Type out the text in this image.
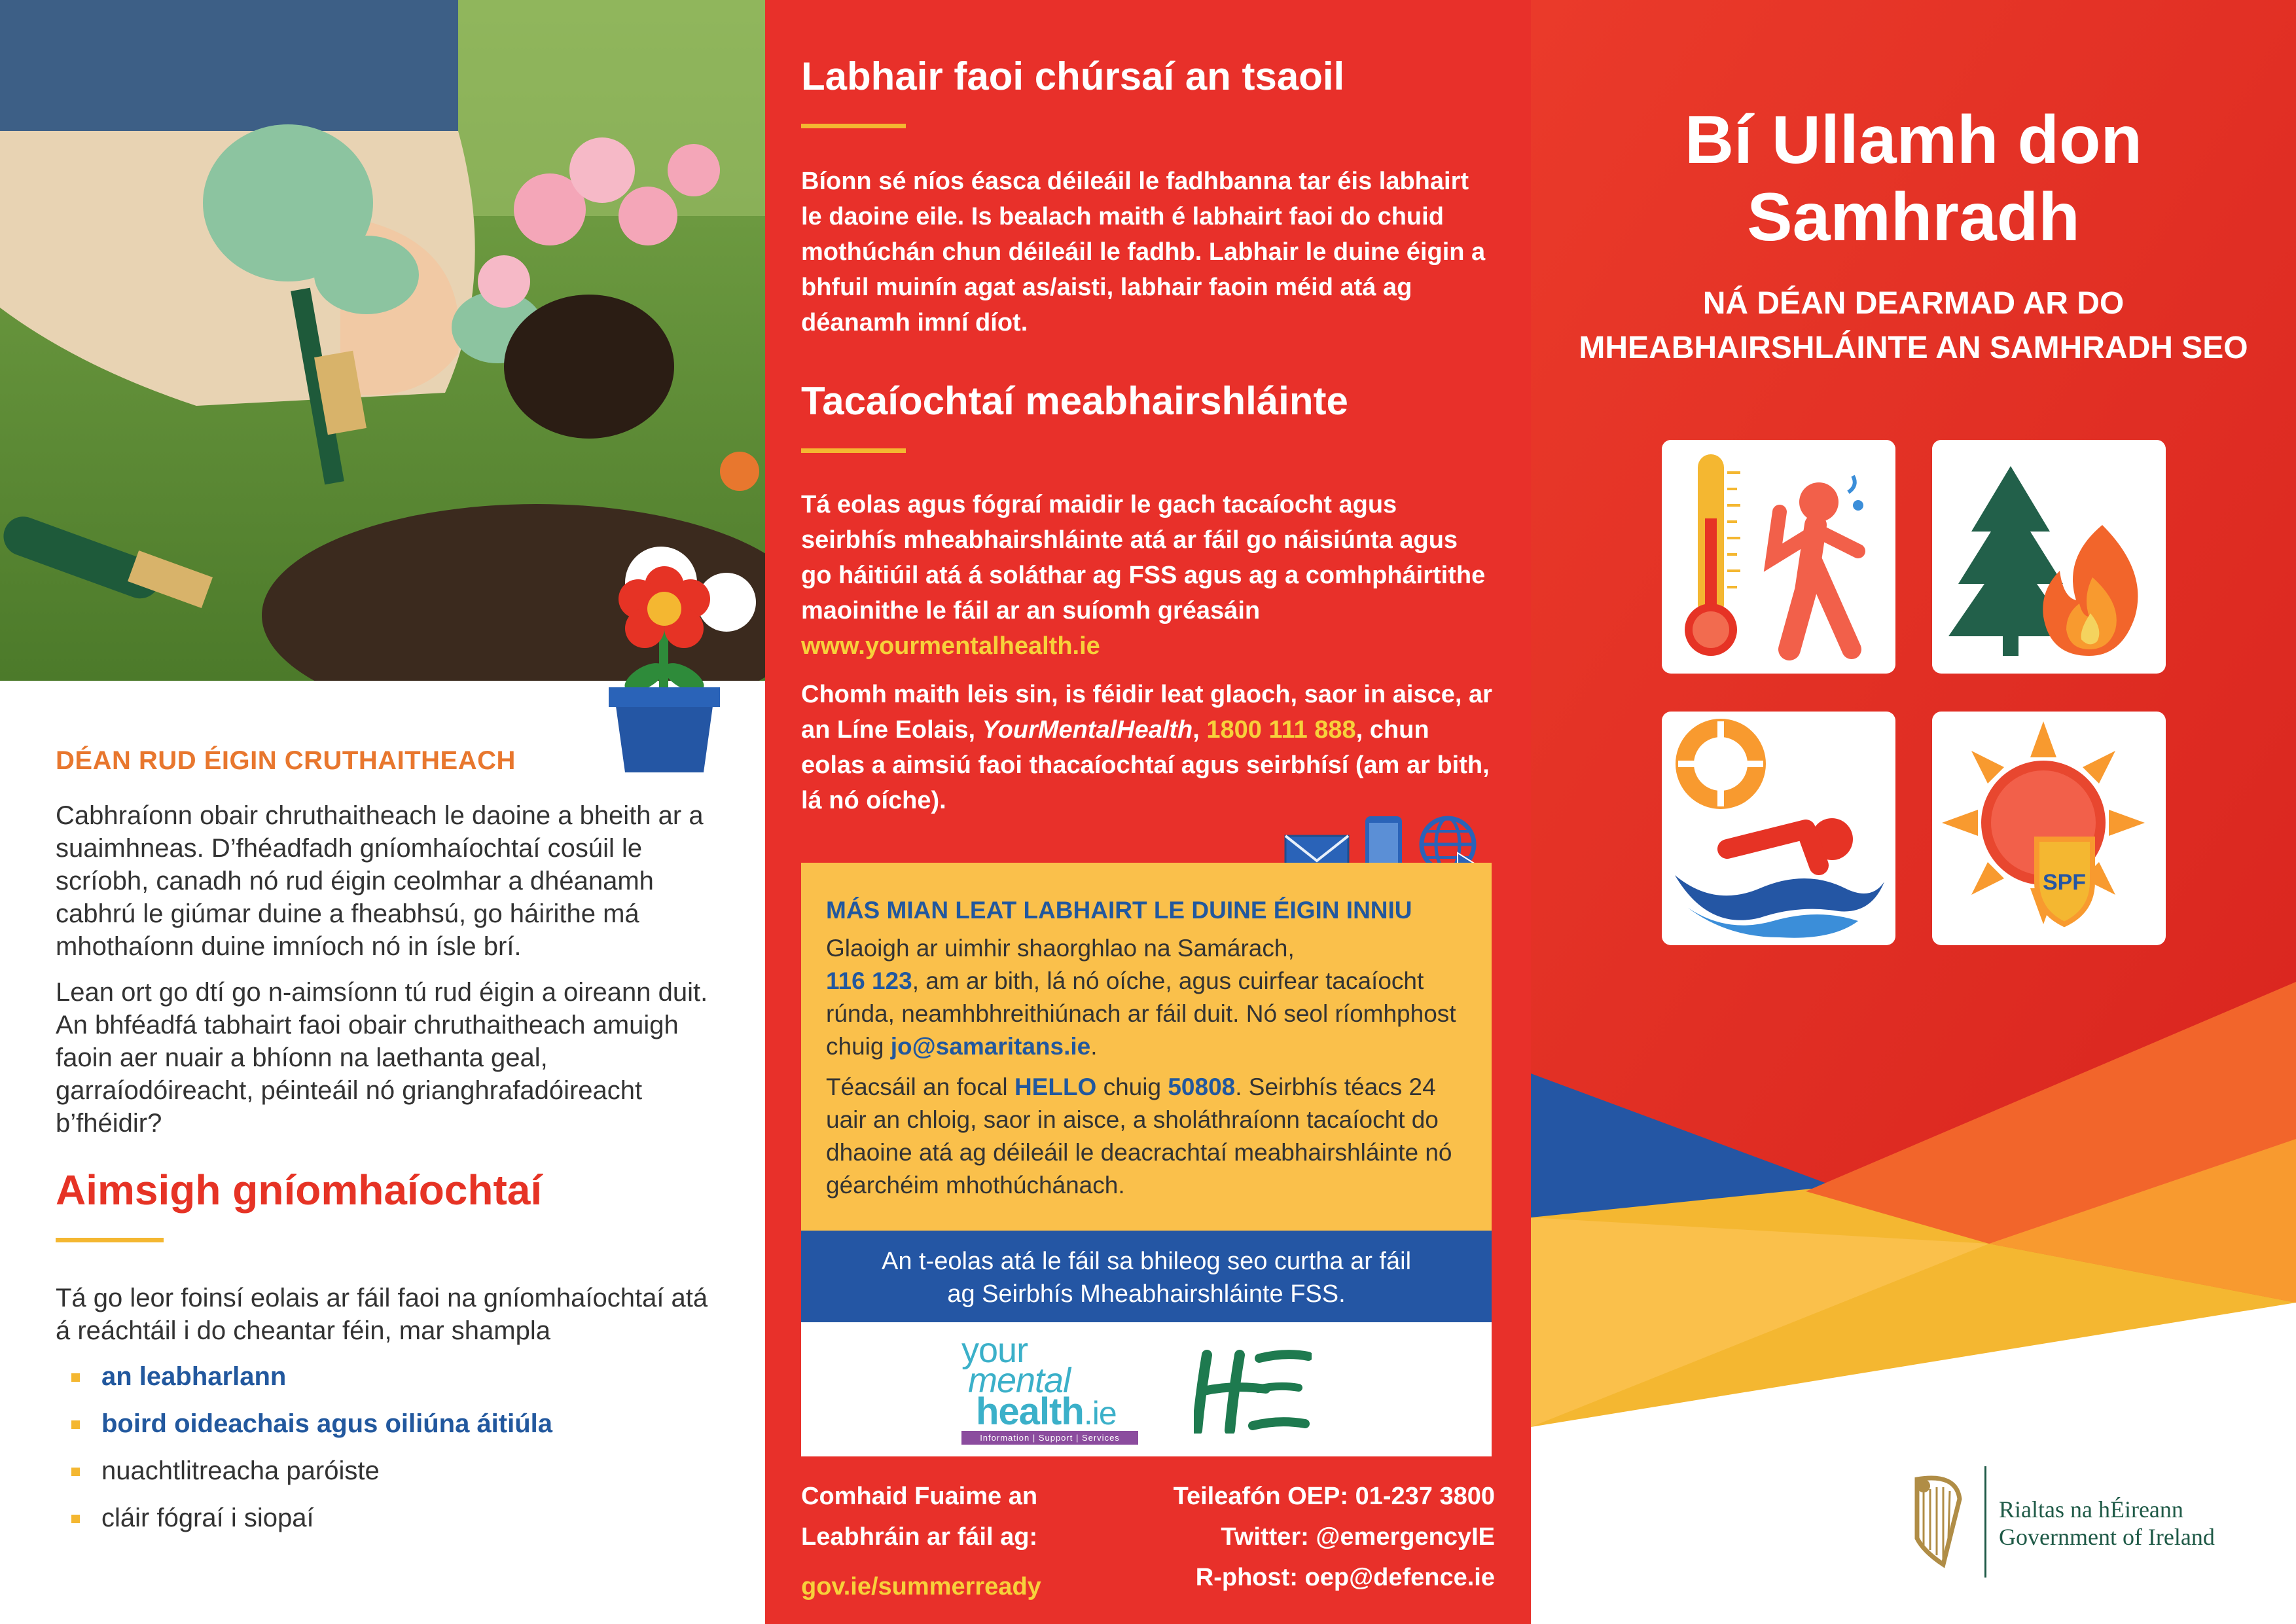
DÉAN RUD ÉIGIN CRUTHAITHEACH

Cabhraíonn obair chruthaitheach le daoine a bheith ar a suaimhneas. D’fhéadfadh gníomhaíochtaí cosúil le scríobh, canadh nó rud éigin ceolmhar a dhéanamh cabhrú le giúmar duine a fheabhsú, go háirithe má mhothaíonn duine imníoch nó in ísle brí.

Lean ort go dtí go n-aimsíonn tú rud éigin a oireann duit. An bhféadfá tabhairt faoi obair chruthaitheach amuigh faoin aer nuair a bhíonn na laethanta geal, garraíodóireacht, péinteáil nó grianghrafadóireacht b’fhéidir?

Aimsigh gníomhaíochtaí

Tá go leor foinsí eolais ar fáil faoi na gníomhaíochtaí atá á reáchtáil i do cheantar féin, mar shampla

an leabharlann
boird oideachais agus oiliúna áitiúla
nuachtlitreacha paróiste
cláir fógraí i siopaí
Labhair faoi chúrsaí an tsaoil

Bíonn sé níos éasca déileáil le fadhbanna tar éis labhairt le daoine eile. Is bealach maith é labhairt faoi do chuid mothúchán chun déileáil le fadhb. Labhair le duine éigin a bhfuil muinín agat as/aisti, labhair faoin méid atá ag déanamh imní díot.

Tacaíochtaí meabhairshláinte

Tá eolas agus fógraí maidir le gach tacaíocht agus seirbhís mheabhairshláinte atá ar fáil go náisiúnta agus go háitiúil atá á soláthar ag FSS agus ag a comhpháirtithe maoinithe le fáil ar an suíomh gréasáin  www.yourmentalhealth.ie

Chomh maith leis sin, is féidir leat glaoch, saor in aisce, ar an Líne Eolais, YourMentalHealth, 1800 111 888, chun eolas a aimsiú faoi thacaíochtaí agus seirbhísí (am ar bith, lá nó oíche).

MÁS MIAN LEAT LABHAIRT LE DUINE ÉIGIN INNIU

Glaoigh ar uimhir shaorghlao na Samárach,
116 123, am ar bith, lá nó oíche, agus cuirfear tacaíocht rúnda, neamhbhreithiúnach ar fáil duit. Nó seol ríomhphost chuig jo@samaritans.ie.

Téacsáil an focal HELLO chuig 50808. Seirbhís téacs 24 uair an chloig, saor in aisce, a sholáthraíonn tacaíocht do dhaoine atá ag déileáil le deacrachtaí meabhairshláinte nó géarchéim mhothúchánach.

An t-eolas atá le fáil sa bhileog seo curtha ar fáil
ag Seirbhís Mheabhairshláinte FSS.
your
mental
health.ie
Information | Support | Services
Comhaid Fuaime an
Leabhráin ar fáil ag:
gov.ie/summerready
Teileafón OEP: 01-237 3800
Twitter: @emergencyIE
R-phost: oep@defence.ie
Bí Ullamh don
Samhradh
NÁ DÉAN DEARMAD AR DO
MHEABHAIRSHLÁINTE AN SAMHRADH SEO
SPF
Rialtas na hÉireann
Government of Ireland
